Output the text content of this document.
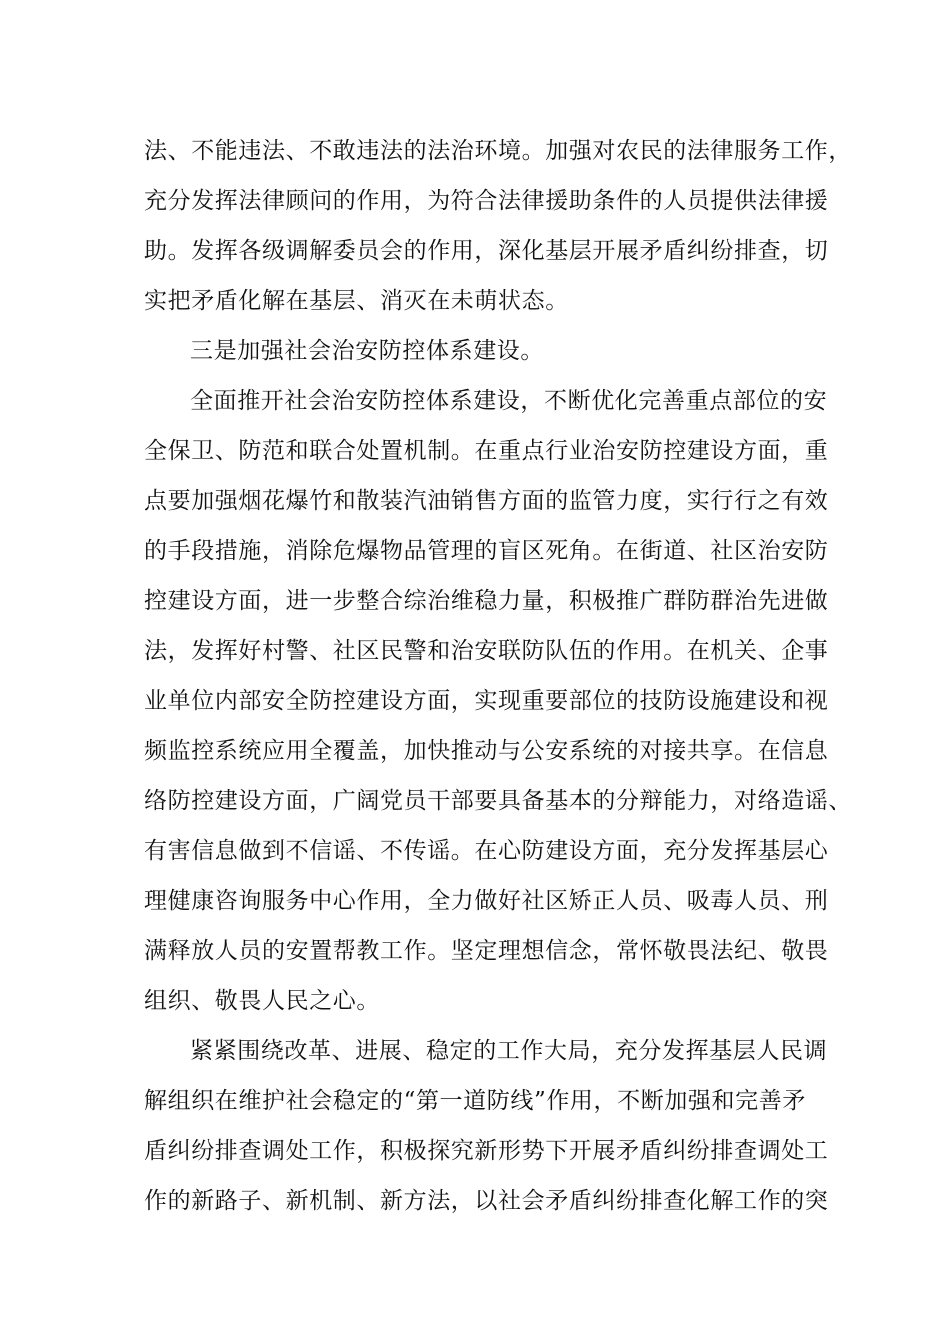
法、不能违法、不敢违法的法治环境。加强对农民的法律服务工作，
充分发挥法律顾问的作用，为符合法律援助条件的人员提供法律援
助。发挥各级调解委员会的作用，深化基层开展矛盾纠纷排查，切
实把矛盾化解在基层、消灭在未萌状态。
三是加强社会治安防控体系建设。
全面推开社会治安防控体系建设，不断优化完善重点部位的安
全保卫、防范和联合处置机制。在重点行业治安防控建设方面，重
点要加强烟花爆竹和散装汽油销售方面的监管力度，实行行之有效
的手段措施，消除危爆物品管理的盲区死角。在街道、社区治安防
控建设方面，进一步整合综治维稳力量，积极推广群防群治先进做
法，发挥好村警、社区民警和治安联防队伍的作用。在机关、企事
业单位内部安全防控建设方面，实现重要部位的技防设施建设和视
频监控系统应用全覆盖，加快推动与公安系统的对接共享。在信息
络防控建设方面，广阔党员干部要具备基本的分辩能力，对络造谣、
有害信息做到不信谣、不传谣。在心防建设方面，充分发挥基层心
理健康咨询服务中心作用，全力做好社区矫正人员、吸毒人员、刑
满释放人员的安置帮教工作。坚定理想信念，常怀敬畏法纪、敬畏
组织、敬畏人民之心。
紧紧围绕改革、进展、稳定的工作大局，充分发挥基层人民调
解组织在维护社会稳定的“第一道防线”作用，不断加强和完善矛
盾纠纷排查调处工作，积极探究新形势下开展矛盾纠纷排查调处工
作的新路子、新机制、新方法，以社会矛盾纠纷排查化解工作的突
